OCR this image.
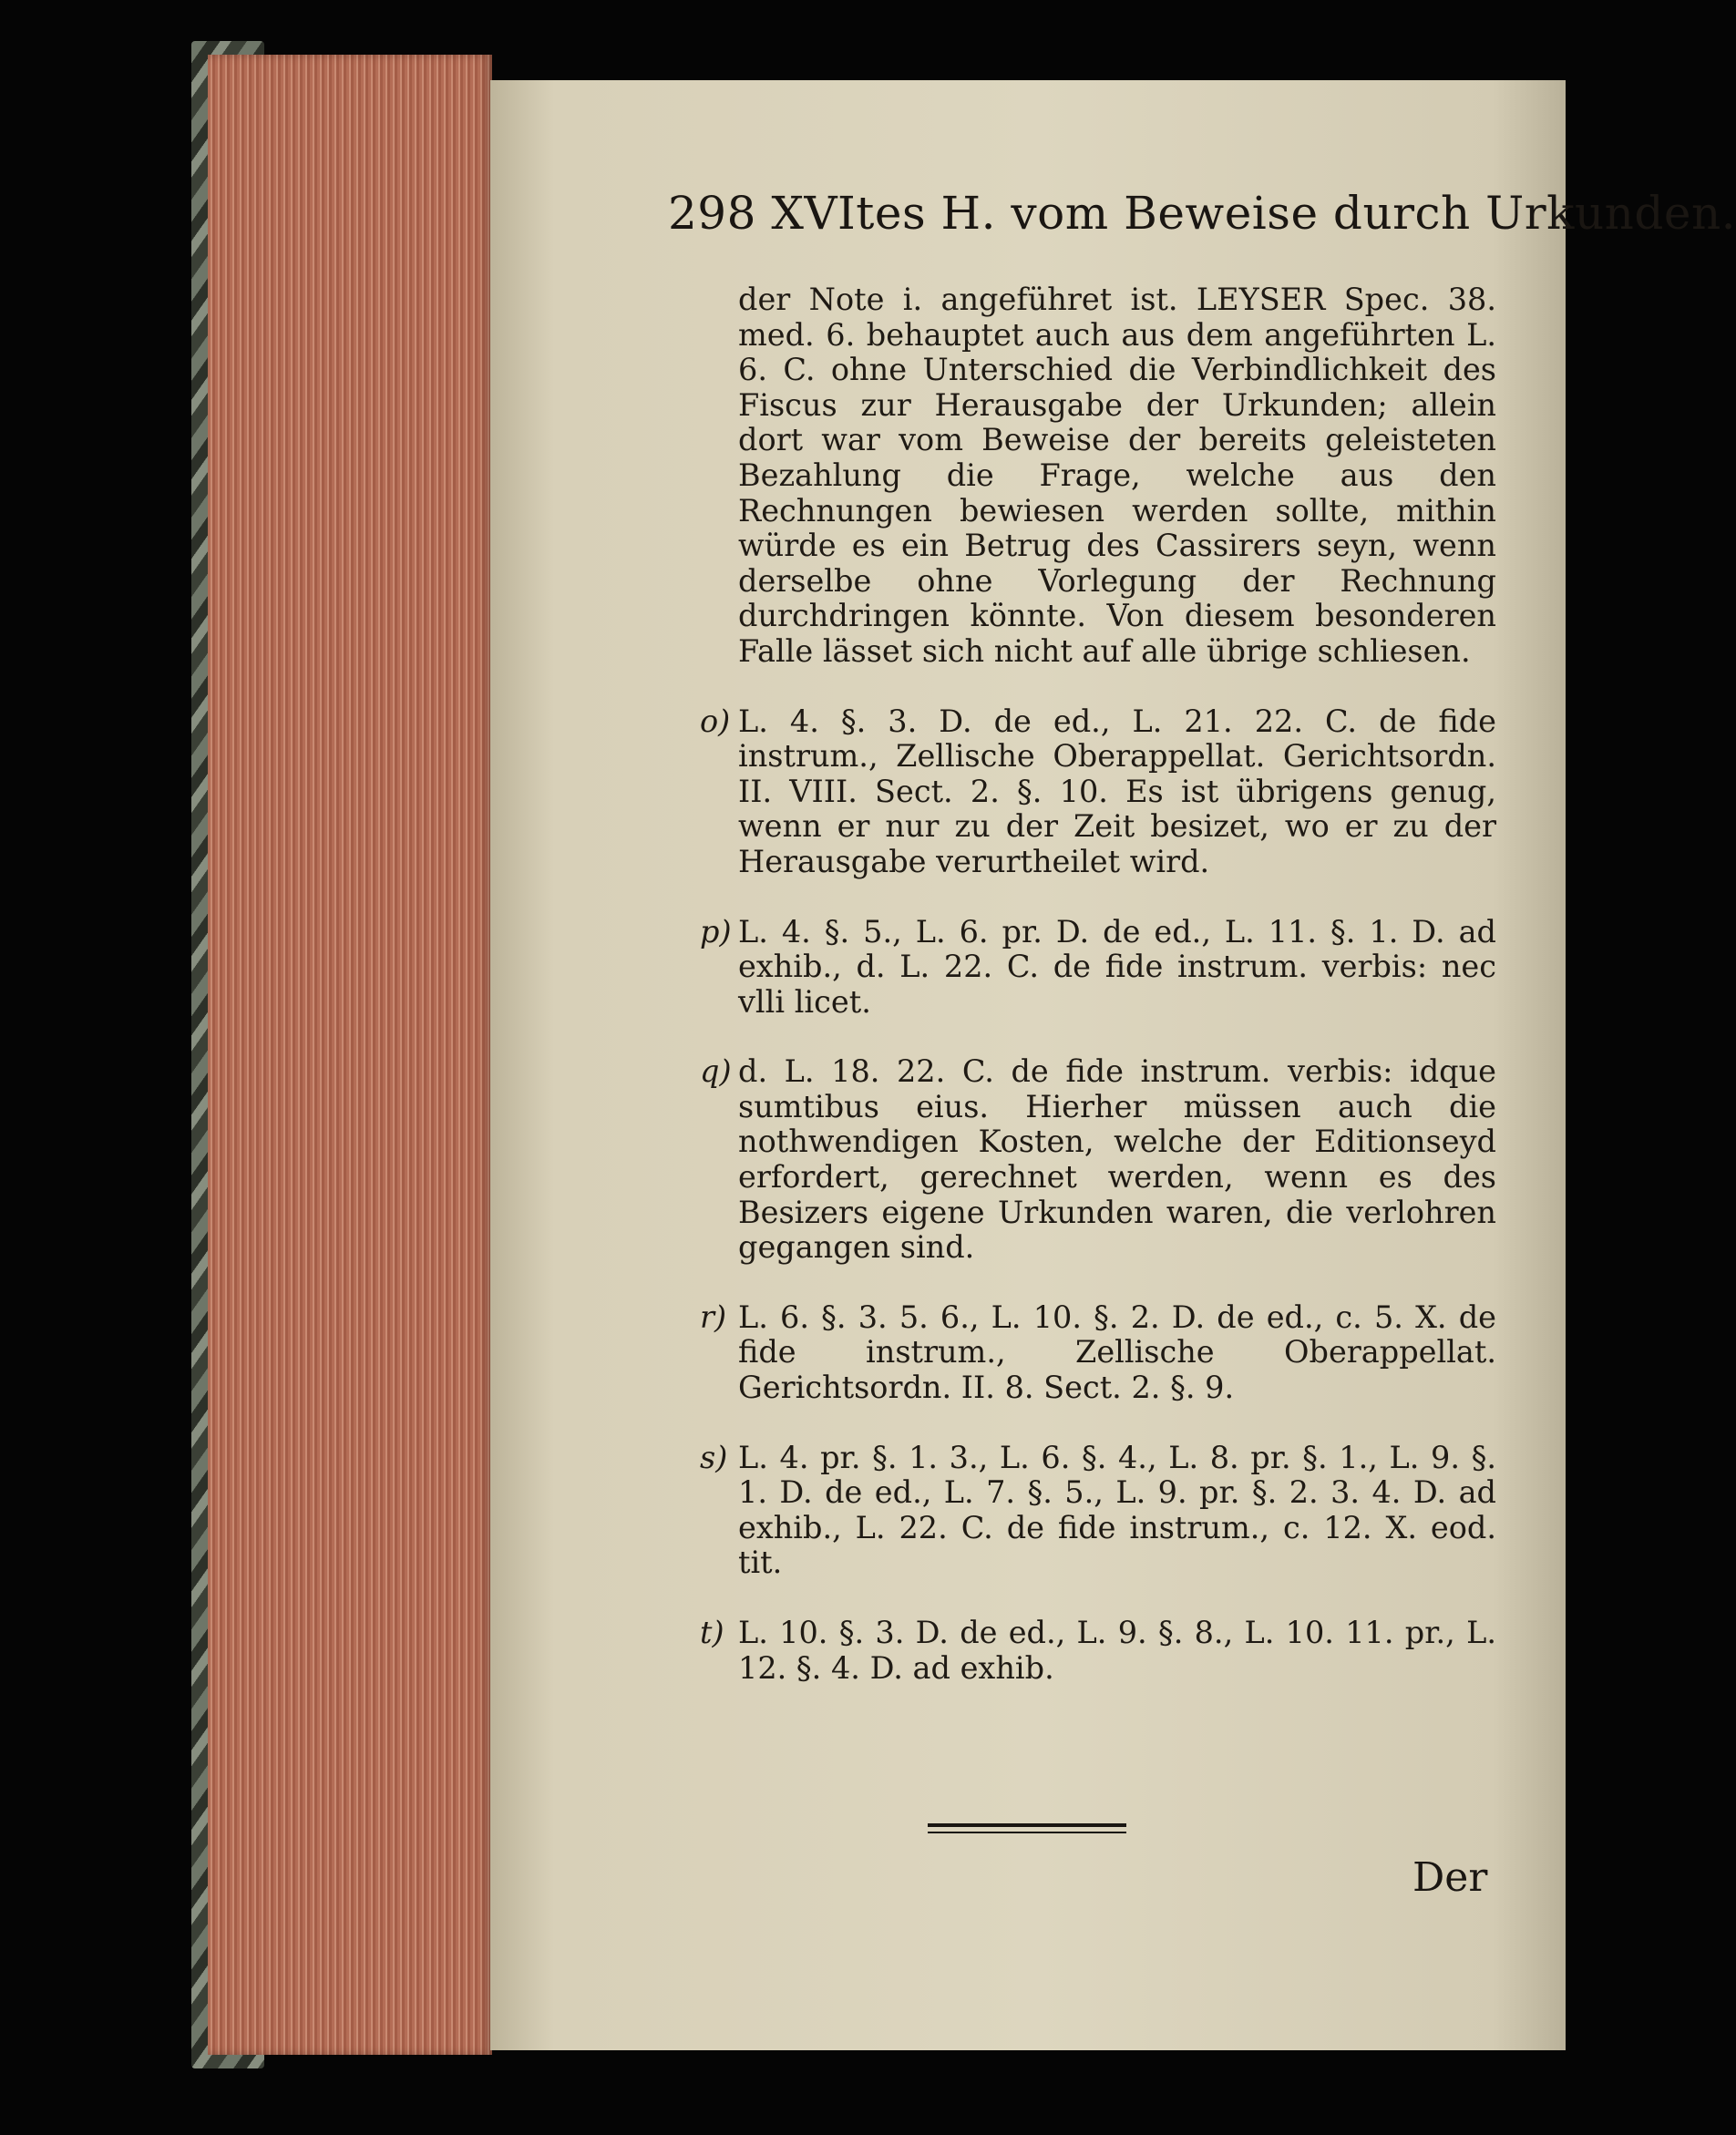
298 XVItes H. vom Beweise durch Urkunden.
der Note i. angeführet ist. LEYSER Spec. 38. med. 6. behauptet auch aus dem angeführten L. 6. C. ohne Unterschied die Verbindlichkeit des Fiscus zur Herausgabe der Urkunden; allein dort war vom Beweise der bereits geleisteten Bezahlung die Frage, welche aus den Rechnungen bewiesen werden sollte, mithin würde es ein Betrug des Cassirers seyn, wenn derselbe ohne Vorlegung der Rechnung durchdringen könnte. Von diesem besonderen Falle lässet sich nicht auf alle übrige schliesen.
o) L. 4. §. 3. D. de ed., L. 21. 22. C. de fide instrum., Zellische Oberappellat. Gerichtsordn. II. VIII. Sect. 2. §. 10. Es ist übrigens genug, wenn er nur zu der Zeit besizet, wo er zu der Herausgabe verurtheilet wird.
p) L. 4. §. 5., L. 6. pr. D. de ed., L. 11. §. 1. D. ad exhib., d. L. 22. C. de fide instrum. verbis: nec vlli licet.
q) d. L. 18. 22. C. de fide instrum. verbis: idque sumtibus eius. Hierher müssen auch die nothwendigen Kosten, welche der Editionseyd erfordert, gerechnet werden, wenn es des Besizers eigene Urkunden waren, die verlohren gegangen sind.
r) L. 6. §. 3. 5. 6., L. 10. §. 2. D. de ed., c. 5. X. de fide instrum., Zellische Oberappellat. Gerichtsordn. II. 8. Sect. 2. §. 9.
s) L. 4. pr. §. 1. 3., L. 6. §. 4., L. 8. pr. §. 1., L. 9. §. 1. D. de ed., L. 7. §. 5., L. 9. pr. §. 2. 3. 4. D. ad exhib., L. 22. C. de fide instrum., c. 12. X. eod. tit.
t) L. 10. §. 3. D. de ed., L. 9. §. 8., L. 10. 11. pr., L. 12. §. 4. D. ad exhib.
Der
